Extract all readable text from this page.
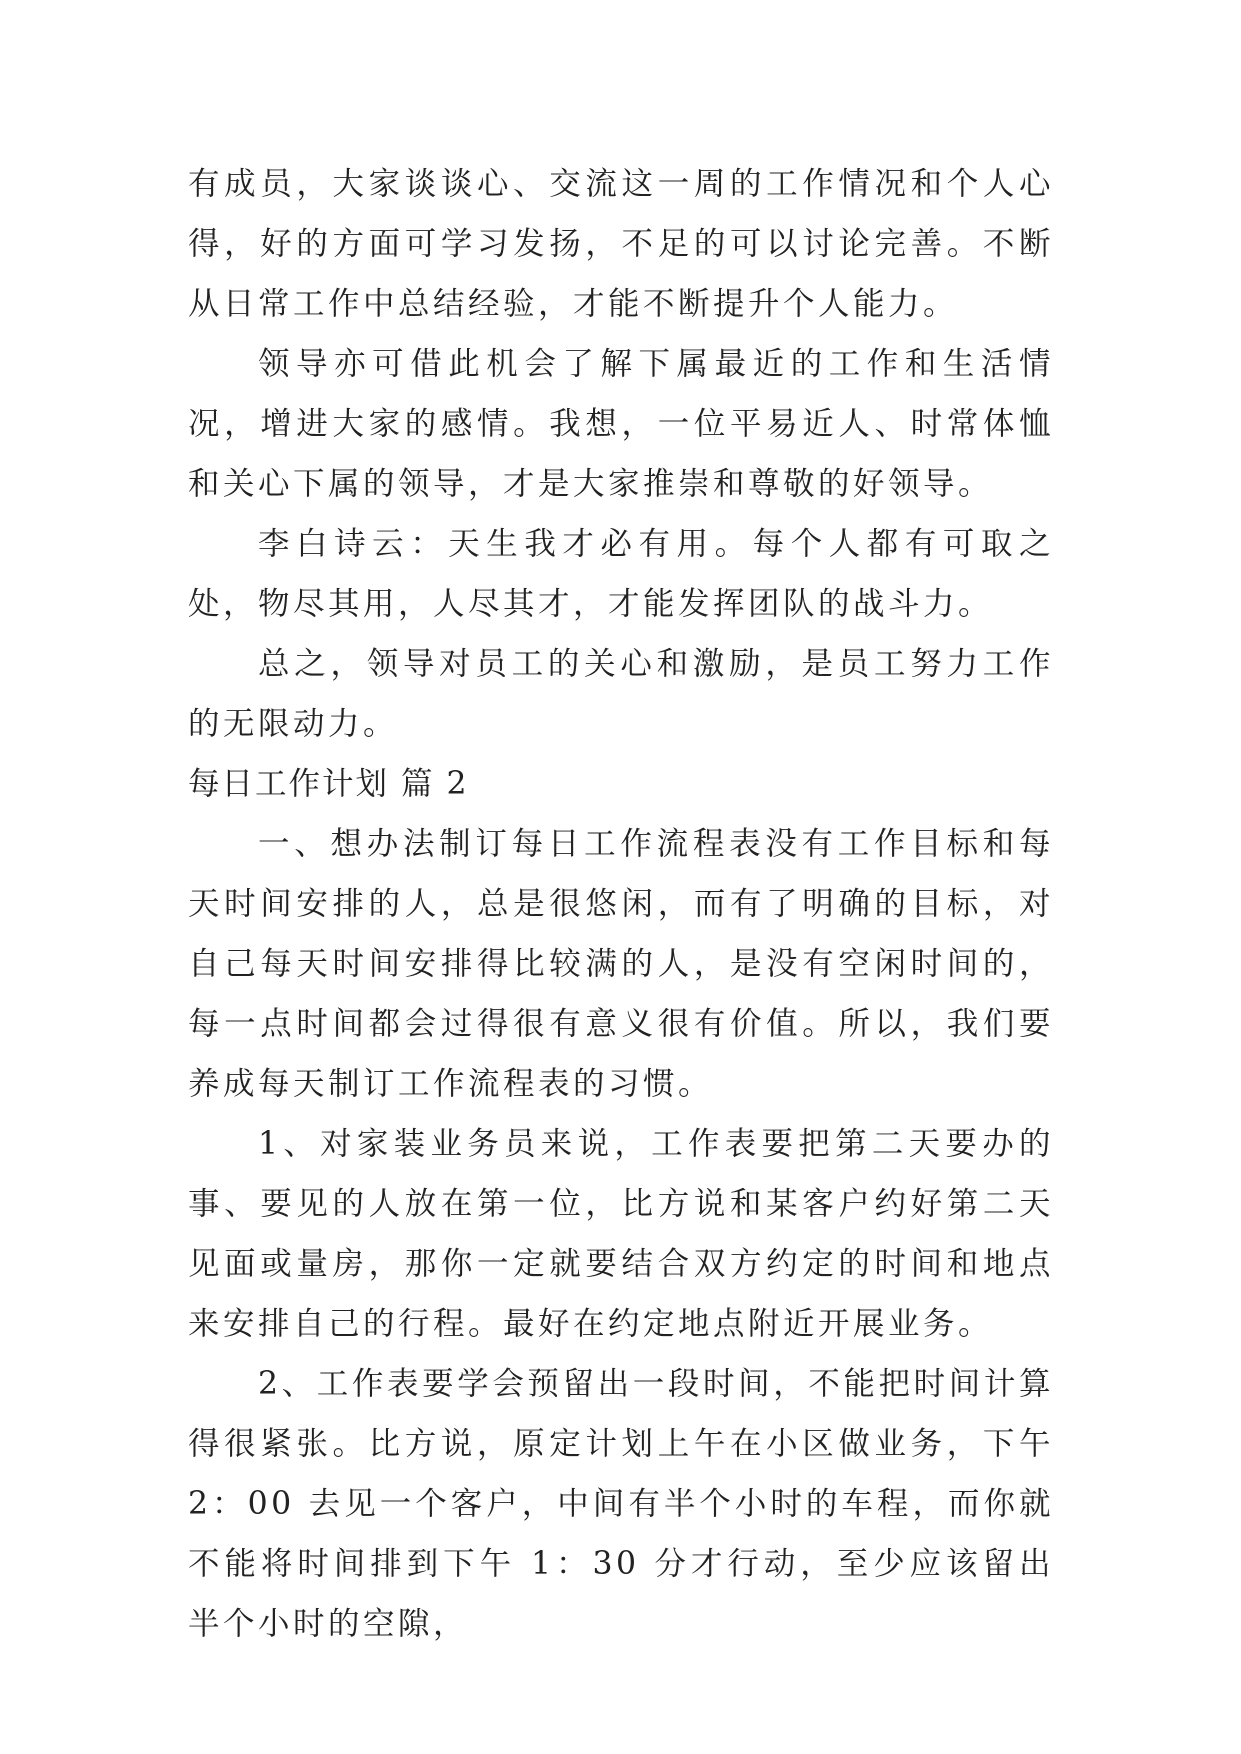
有成员，大家谈谈心、交流这一周的工作情况和个人心得，好的方面可学习发扬，不足的可以讨论完善。不断从日常工作中总结经验，才能不断提升个人能力。

领导亦可借此机会了解下属最近的工作和生活情况，增进大家的感情。我想，一位平易近人、时常体恤和关心下属的领导，才是大家推崇和尊敬的好领导。

李白诗云：天生我才必有用。每个人都有可取之处，物尽其用，人尽其才，才能发挥团队的战斗力。

总之，领导对员工的关心和激励，是员工努力工作的无限动力。

每日工作计划 篇 2

一、想办法制订每日工作流程表没有工作目标和每天时间安排的人，总是很悠闲，而有了明确的目标，对自己每天时间安排得比较满的人，是没有空闲时间的，每一点时间都会过得很有意义很有价值。所以，我们要养成每天制订工作流程表的习惯。

1、对家装业务员来说，工作表要把第二天要办的事、要见的人放在第一位，比方说和某客户约好第二天见面或量房，那你一定就要结合双方约定的时间和地点来安排自己的行程。最好在约定地点附近开展业务。

2、工作表要学会预留出一段时间，不能把时间计算得很紧张。比方说，原定计划上午在小区做业务，下午 2：00 去见一个客户，中间有半个小时的车程，而你就不能将时间排到下午 1：30 分才行动，至少应该留出半个小时的空隙，
